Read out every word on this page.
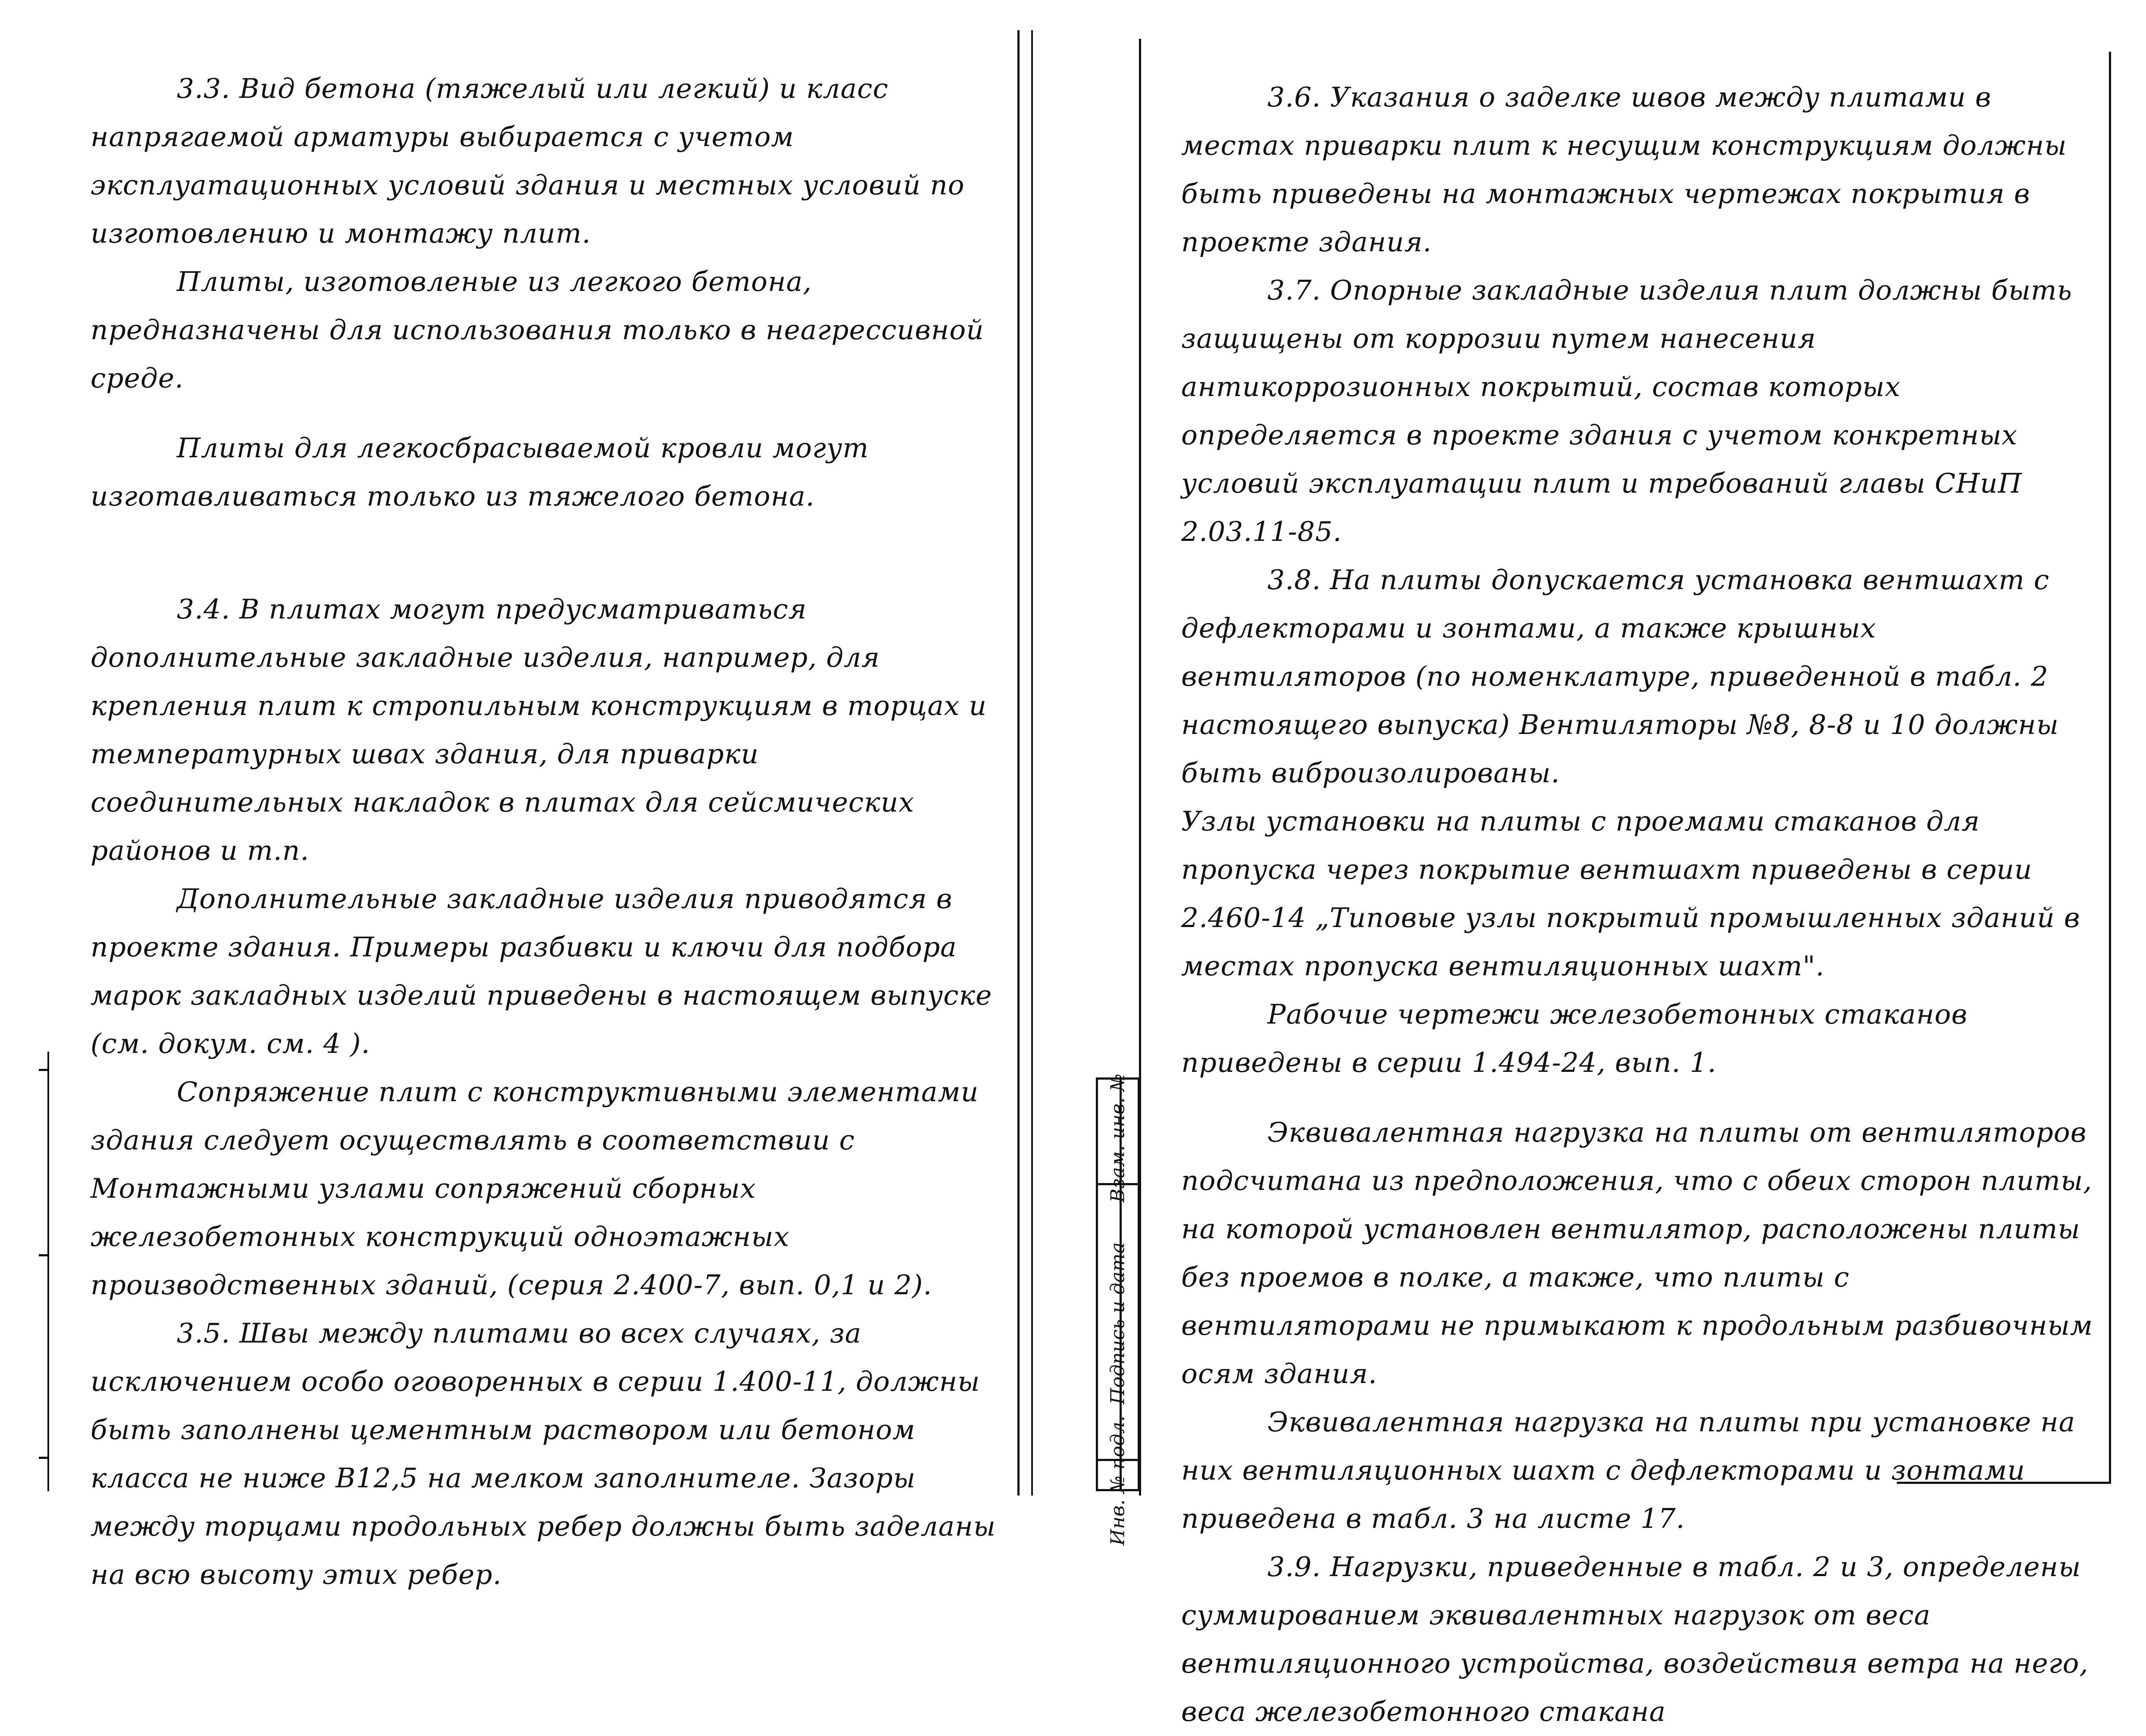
3.3. Вид бетона (тяжелый или легкий) и класс напрягаемой арматуры выбирается с учетом эксплуатационных условий здания и местных условий по изготовлению и монтажу плит.

Плиты, изготовленые из легкого бетона, предназначены для использования только в неагрессивной среде.

Плиты для легкосбрасываемой кровли могут изготавливаться только из тяжелого бетона.

3.4. В плитах могут предусматриваться дополнительные закладные изделия, например, для крепления плит к стропильным конструкциям в торцах и температурных швах здания, для приварки соединительных накладок в плитах для сейсмических районов и т.п.

Дополнительные закладные изделия приводятся в проекте здания. Примеры разбивки и ключи для подбора марок закладных изделий приведены в настоящем выпуске (см. докум. см. 4 ).

Сопряжение плит с конструктивными элементами здания следует осуществлять в соответствии с Монтажными узлами сопряжений сборных железобетонных конструкций одноэтажных производственных зданий, (серия 2.400-7, вып. 0,1 и 2).

3.5. Швы между плитами во всех случаях, за исключением особо оговоренных в серии 1.400-11, должны быть заполнены цементным раствором или бетоном класса не ниже В12,5 на мелком заполнителе. Зазоры между торцами продольных ребер должны быть заделаны на всю высоту этих ребер.

3.6. Указания о заделке швов между плитами в местах приварки плит к несущим конструкциям должны быть приведены на монтажных чертежах покрытия в проекте здания.

3.7. Опорные закладные изделия плит должны быть защищены от коррозии путем нанесения антикоррозионных покрытий, состав которых определяется в проекте здания с учетом конкретных условий эксплуатации плит и требований главы СНиП 2.03.11-85.

3.8. На плиты допускается установка вентшахт с дефлекторами и зонтами, а также крышных вентиляторов (по номенклатуре, приведенной в табл. 2 настоящего выпуска) Вентиляторы №8, 8-8 и 10 должны быть виброизолированы.

Узлы установки на плиты с проемами стаканов для пропуска через покрытие вентшахт приведены в серии 2.460-14 „Типовые узлы покрытий промышленных зданий в местах пропуска вентиляционных шахт".

Рабочие чертежи железобетонных стаканов приведены в серии 1.494-24, вып. 1.

Эквивалентная нагрузка на плиты от вентиляторов подсчитана из предположения, что с обеих сторон плиты, на которой установлен вентилятор, расположены плиты без проемов в полке, а также, что плиты с вентиляторами не примыкают к продольным разбивочным осям здания.

Эквивалентная нагрузка на плиты при установке на них вентиляционных шахт с дефлекторами и зонтами приведена в табл. 3 на листе 17.

3.9. Нагрузки, приведенные в табл. 2 и 3, определены суммированием эквивалентных нагрузок от веса вентиляционного устройства, воздействия ветра на него, веса железобетонного стакана

Взам. инв. №
Подпись и дата
Инв. № подл.
